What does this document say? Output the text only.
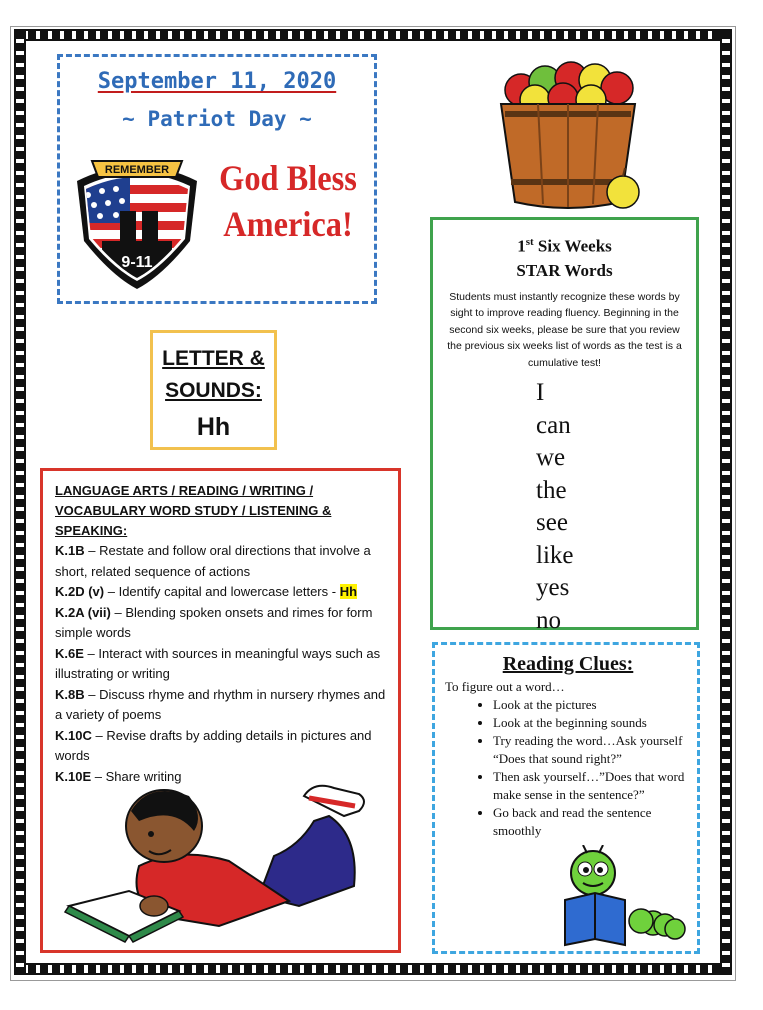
September 11, 2020
~ Patriot Day ~
REMEMBER
9-11
God Bless
America!
LETTER &
SOUNDS:
Hh

LANGUAGE ARTS / READING / WRITING /

VOCABULARY WORD STUDY / LISTENING &

SPEAKING:

K.1B – Restate and follow oral directions that involve a short, related sequence of actions

K.2D (v) – Identify capital and lowercase letters - Hh

K.2A (vii) – Blending spoken onsets and rimes for form simple words

K.6E – Interact with sources in meaningful ways such as illustrating or writing

K.8B – Discuss rhyme and rhythm in nursery rhymes and a variety of poems

K.10C – Revise drafts by adding details in pictures and words

K.10E – Share writing

1st Six Weeks
STAR Words

Students must instantly recognize these words by sight to improve reading fluency. Beginning in the second six weeks, please be sure that you review the previous six weeks list of words as the test is a cumulative test!

I
can
we
the
see
like
yes
no

Reading Clues:

To figure out a word…

• Look at the pictures
• Look at the beginning sounds
• Try reading the word…Ask yourself “Does that sound right?”
• Then ask yourself…”Does that word make sense in the sentence?”
• Go back and read the sentence smoothly
